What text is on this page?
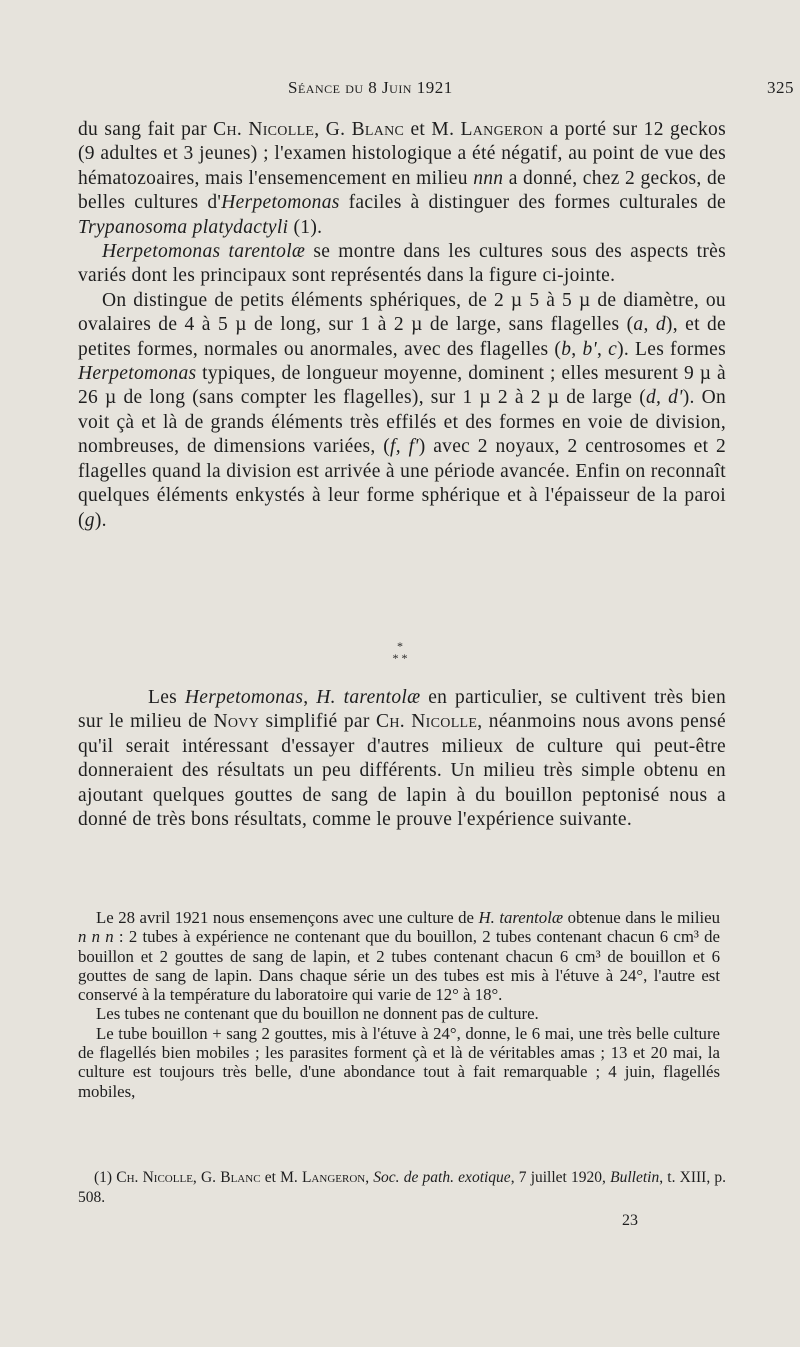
Séance du 8 Juin 1921	325

du sang fait par Ch. Nicolle, G. Blanc et M. Langeron a porté sur 12 geckos (9 adultes et 3 jeunes) ; l'examen histologique a été négatif, au point de vue des hématozoaires, mais l'ensemencement en milieu nnn a donné, chez 2 geckos, de belles cultures d'Herpetomonas faciles à distinguer des formes culturales de Trypanosoma platydactyli (1).

Herpetomonas tarentolæ se montre dans les cultures sous des aspects très variés dont les principaux sont représentés dans la figure ci-jointe.

On distingue de petits éléments sphériques, de 2 µ 5 à 5 µ de diamètre, ou ovalaires de 4 à 5 µ de long, sur 1 à 2 µ de large, sans flagelles (a, d), et de petites formes, normales ou anormales, avec des flagelles (b, b', c). Les formes Herpetomonas typiques, de longueur moyenne, dominent ; elles mesurent 9 µ à 26 µ de long (sans compter les flagelles), sur 1 µ 2 à 2 µ de large (d, d'). On voit çà et là de grands éléments très effilés et des formes en voie de division, nombreuses, de dimensions variées, (f, f') avec 2 noyaux, 2 centrosomes et 2 flagelles quand la division est arrivée à une période avancée. Enfin on reconnaît quelques éléments enkystés à leur forme sphérique et à l'épaisseur de la paroi (g).

*
* *

Les Herpetomonas, H. tarentolæ en particulier, se cultivent très bien sur le milieu de Novy simplifié par Ch. Nicolle, néanmoins nous avons pensé qu'il serait intéressant d'essayer d'autres milieux de culture qui peut-être donneraient des résultats un peu différents. Un milieu très simple obtenu en ajoutant quelques gouttes de sang de lapin à du bouillon peptonisé nous a donné de très bons résultats, comme le prouve l'expérience suivante.

Le 28 avril 1921 nous ensemençons avec une culture de H. tarentolæ obtenue dans le milieu n n n : 2 tubes à expérience ne contenant que du bouillon, 2 tubes contenant chacun 6 cm³ de bouillon et 2 gouttes de sang de lapin, et 2 tubes contenant chacun 6 cm³ de bouillon et 6 gouttes de sang de lapin. Dans chaque série un des tubes est mis à l'étuve à 24°, l'autre est conservé à la température du laboratoire qui varie de 12° à 18°.

Les tubes ne contenant que du bouillon ne donnent pas de culture.

Le tube bouillon + sang 2 gouttes, mis à l'étuve à 24°, donne, le 6 mai, une très belle culture de flagellés bien mobiles ; les parasites forment çà et là de véritables amas ; 13 et 20 mai, la culture est toujours très belle, d'une abondance tout à fait remarquable ; 4 juin, flagellés mobiles,

(1) Ch. Nicolle, G. Blanc et M. Langeron, Soc. de path. exotique, 7 juillet 1920, Bulletin, t. XIII, p. 508.

23
